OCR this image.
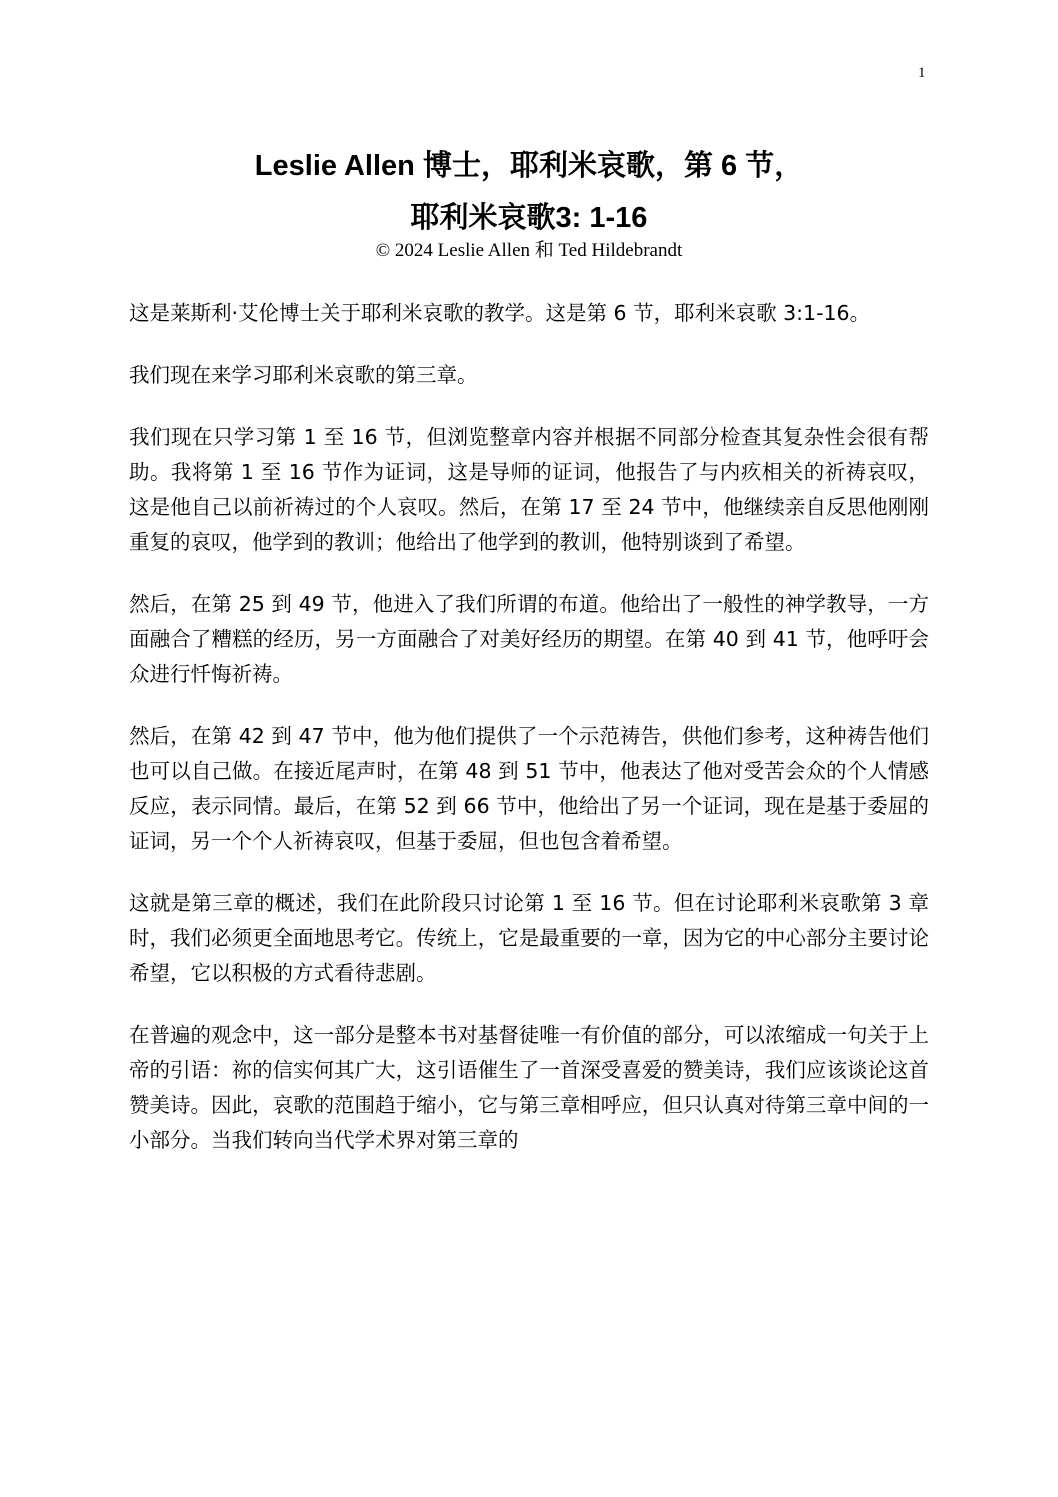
1
Leslie Allen 博士，耶利米哀歌，第 6 节，
耶利米哀歌3: 1-16
© 2024 Leslie Allen 和 Ted Hildebrandt

这是莱斯利·艾伦博士关于耶利米哀歌的教学。这是第 6 节，耶利米哀歌 3:1-16。

我们现在来学习耶利米哀歌的第三章。

我们现在只学习第 1 至 16 节，但浏览整章内容并根据不同部分检查其复杂性会很有帮助。我将第 1 至 16 节作为证词，这是导师的证词，他报告了与内疚相关的祈祷哀叹，这是他自己以前祈祷过的个人哀叹。然后，在第 17 至 24 节中，他继续亲自反思他刚刚重复的哀叹，他学到的教训；他给出了他学到的教训，他特别谈到了希望。

然后，在第 25 到 49 节，他进入了我们所谓的布道。他给出了一般性的神学教导，一方面融合了糟糕的经历，另一方面融合了对美好经历的期望。在第 40 到 41 节，他呼吁会众进行忏悔祈祷。

然后，在第 42 到 47 节中，他为他们提供了一个示范祷告，供他们参考，这种祷告他们也可以自己做。在接近尾声时，在第 48 到 51 节中，他表达了他对受苦会众的个人情感反应，表示同情。最后，在第 52 到 66 节中，他给出了另一个证词，现在是基于委屈的证词，另一个个人祈祷哀叹，但基于委屈，但也包含着希望。

这就是第三章的概述，我们在此阶段只讨论第 1 至 16 节。但在讨论耶利米哀歌第 3 章时，我们必须更全面地思考它。传统上，它是最重要的一章，因为它的中心部分主要讨论希望，它以积极的方式看待悲剧。

在普遍的观念中，这一部分是整本书对基督徒唯一有价值的部分，可以浓缩成一句关于上帝的引语：祢的信实何其广大，这引语催生了一首深受喜爱的赞美诗，我们应该谈论这首赞美诗。因此，哀歌的范围趋于缩小，它与第三章相呼应，但只认真对待第三章中间的一小部分。当我们转向当代学术界对第三章的
